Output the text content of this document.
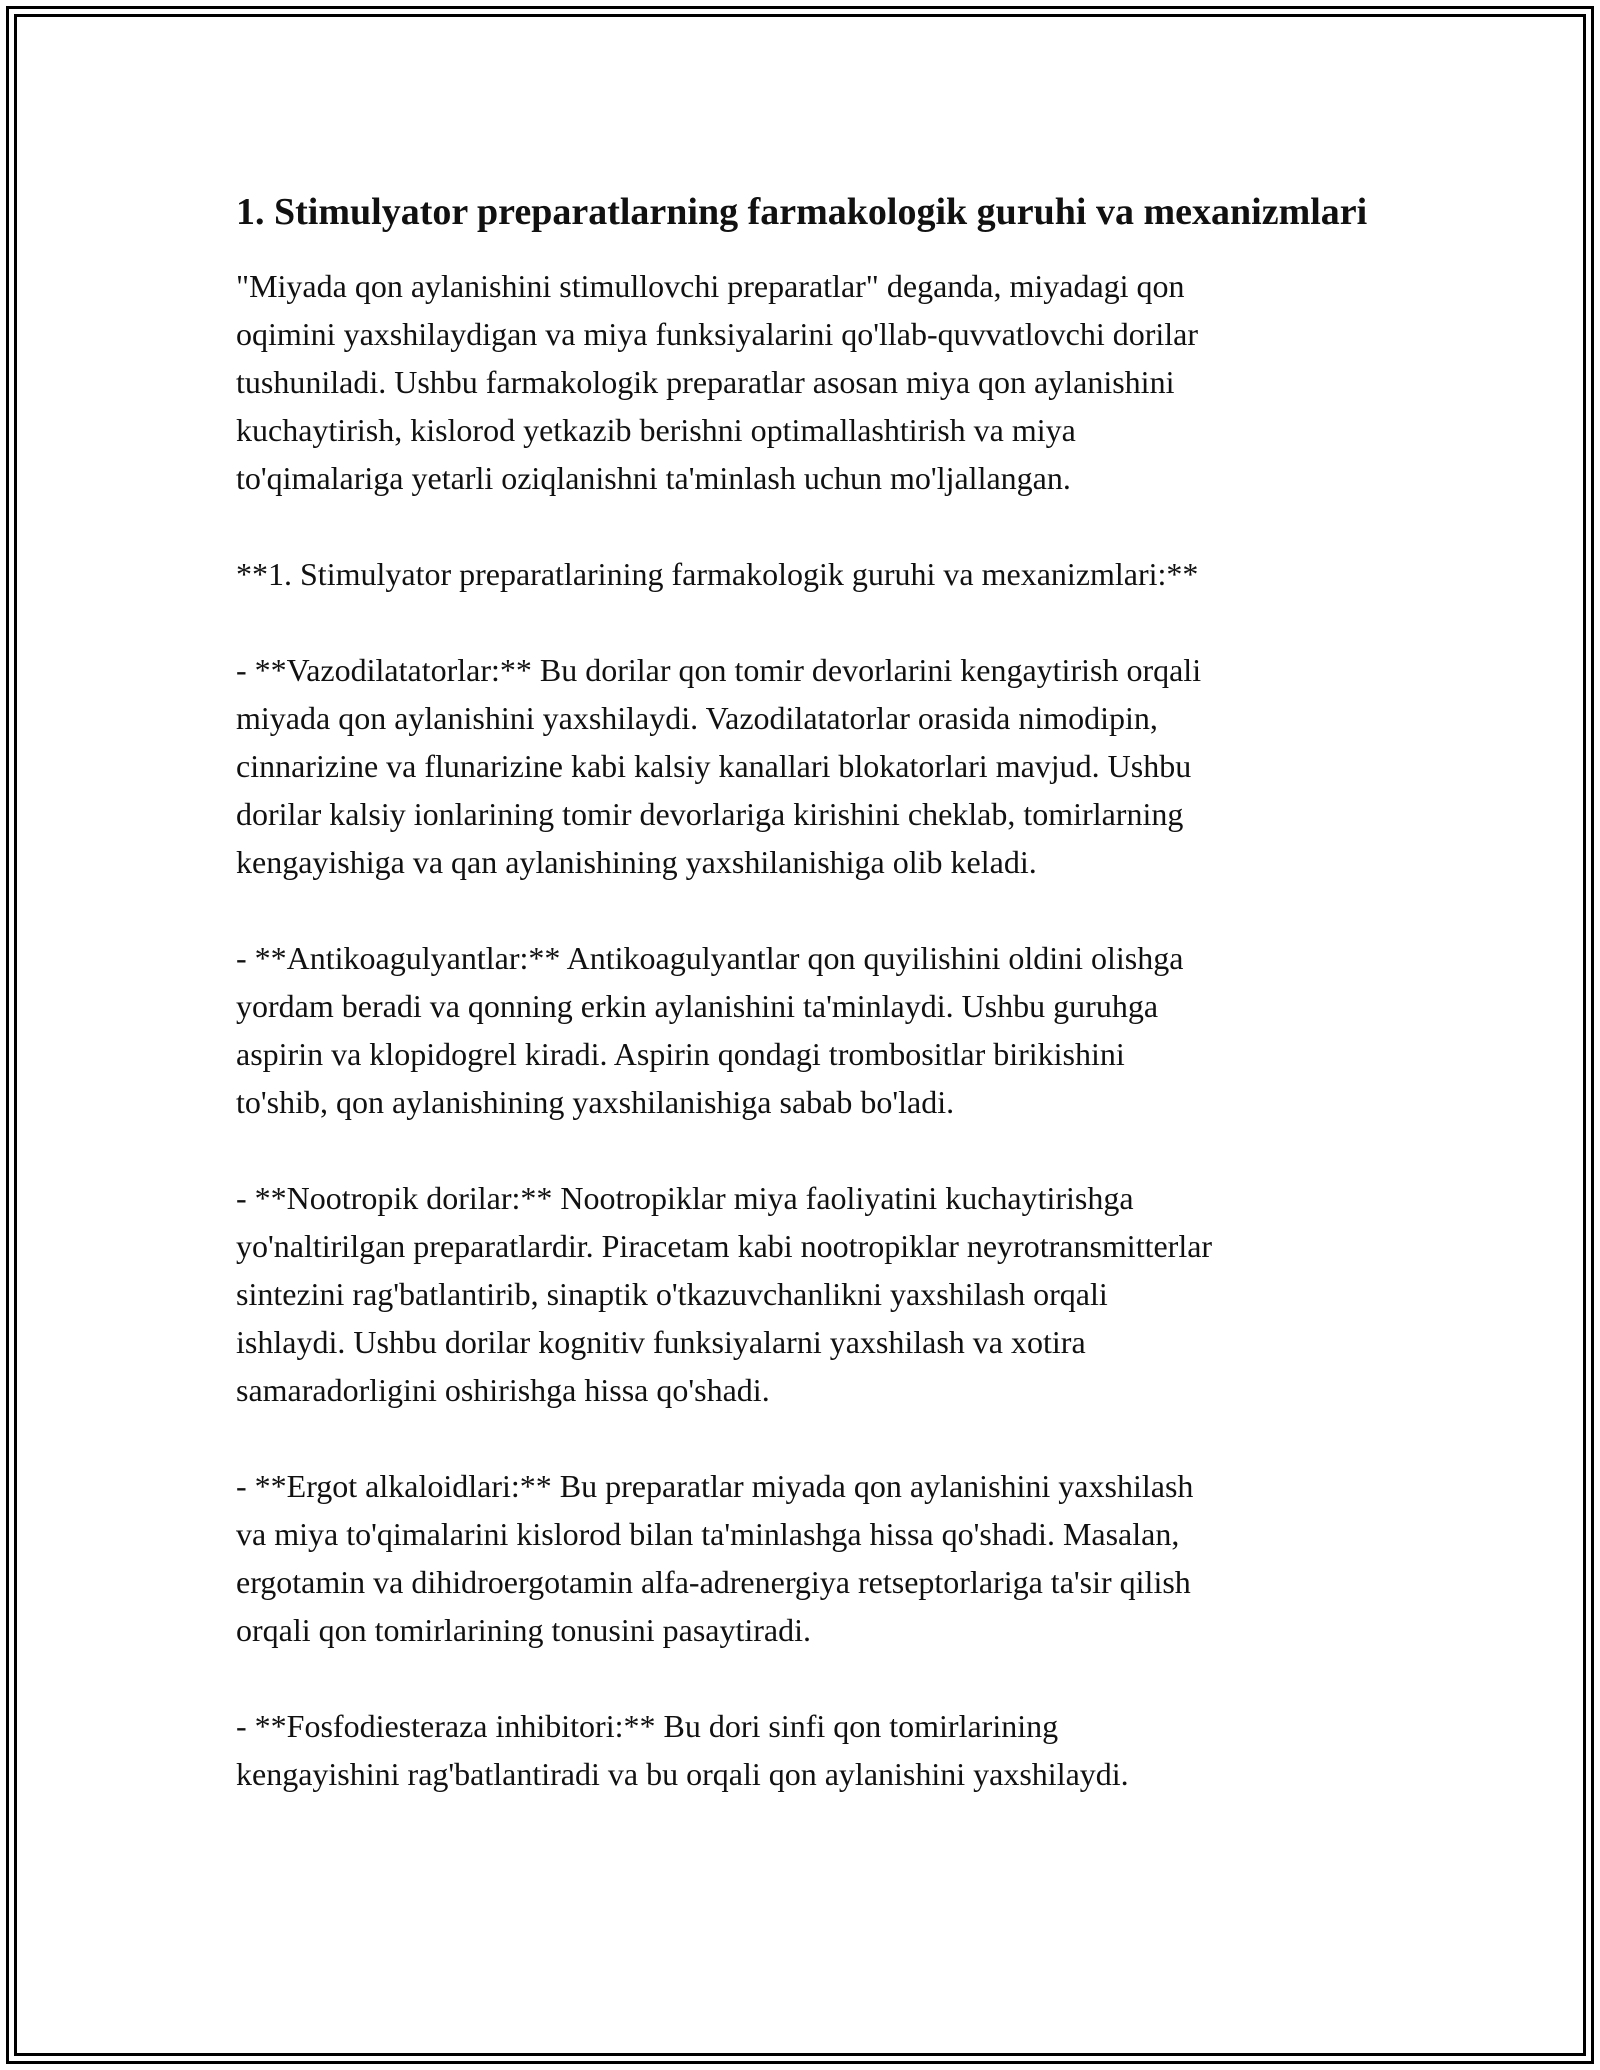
1. Stimulyator preparatlarning farmakologik guruhi va mexanizmlari

"Miyada qon aylanishini stimullovchi preparatlar" deganda, miyadagi qon
oqimini yaxshilaydigan va miya funksiyalarini qo'llab-quvvatlovchi dorilar
tushuniladi. Ushbu farmakologik preparatlar asosan miya qon aylanishini
kuchaytirish, kislorod yetkazib berishni optimallashtirish va miya
to'qimalariga yetarli oziqlanishni ta'minlash uchun mo'ljallangan.

**1. Stimulyator preparatlarining farmakologik guruhi va mexanizmlari:**

- **Vazodilatatorlar:** Bu dorilar qon tomir devorlarini kengaytirish orqali
miyada qon aylanishini yaxshilaydi. Vazodilatatorlar orasida nimodipin,
cinnarizine va flunarizine kabi kalsiy kanallari blokatorlari mavjud. Ushbu
dorilar kalsiy ionlarining tomir devorlariga kirishini cheklab, tomirlarning
kengayishiga va qan aylanishining yaxshilanishiga olib keladi.

- **Antikoagulyantlar:** Antikoagulyantlar qon quyilishini oldini olishga
yordam beradi va qonning erkin aylanishini ta'minlaydi. Ushbu guruhga
aspirin va klopidogrel kiradi. Aspirin qondagi trombositlar birikishini
to'shib, qon aylanishining yaxshilanishiga sabab bo'ladi.

- **Nootropik dorilar:** Nootropiklar miya faoliyatini kuchaytirishga
yo'naltirilgan preparatlardir. Piracetam kabi nootropiklar neyrotransmitterlar
sintezini rag'batlantirib, sinaptik o'tkazuvchanlikni yaxshilash orqali
ishlaydi. Ushbu dorilar kognitiv funksiyalarni yaxshilash va xotira
samaradorligini oshirishga hissa qo'shadi.

- **Ergot alkaloidlari:** Bu preparatlar miyada qon aylanishini yaxshilash
va miya to'qimalarini kislorod bilan ta'minlashga hissa qo'shadi. Masalan,
ergotamin va dihidroergotamin alfa-adrenergiya retseptorlariga ta'sir qilish
orqali qon tomirlarining tonusini pasaytiradi.

- **Fosfodiesteraza inhibitori:** Bu dori sinfi qon tomirlarining
kengayishini rag'batlantiradi va bu orqali qon aylanishini yaxshilaydi.
